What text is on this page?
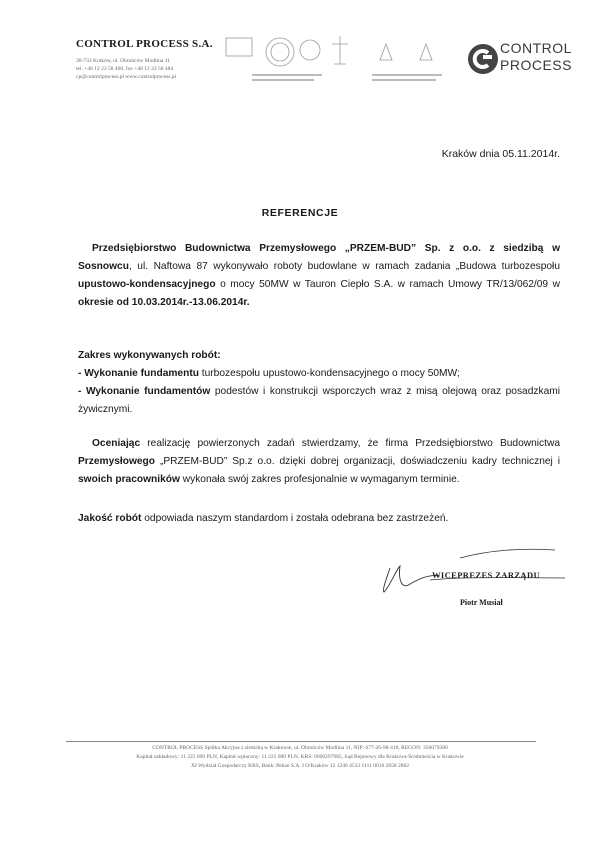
CONTROL PROCESS S.A.
30-733 Kraków, ul. Obrońców Modlina 11
tel. +48 12 23 58 400, fax +48 12 23 58 484
cp@controlprocess.pl www.controlprocess.pl
CONTROL
PROCESS
Kraków dnia 05.11.2014r.
REFERENCJE
Przedsiębiorstwo Budownictwa Przemysłowego „PRZEM-BUD” Sp. z o.o. z siedzibą w Sosnowcu, ul. Naftowa 87 wykonywało roboty budowlane w ramach zadania „Budowa turbozespołu upustowo-kondensacyjnego o mocy 50MW w Tauron Ciepło S.A. w ramach Umowy TR/13/062/09 w okresie od 10.03.2014r.-13.06.2014r.
Zakres wykonywanych robót:
- Wykonanie fundamentu turbozespołu upustowo-kondensacyjnego o mocy 50MW;
- Wykonanie fundamentów podestów i konstrukcji wsporczych wraz z misą olejową oraz posadzkami żywicznymi.
Oceniając realizację powierzonych zadań stwierdzamy, że firma Przedsiębiorstwo Budownictwa Przemysłowego „PRZEM-BUD” Sp.z o.o. dzięki dobrej organizacji, doświadczeniu kadry technicznej i swoich pracowników wykonała swój zakres profesjonalnie w wymaganym terminie.
Jakość robót odpowiada naszym standardom i została odebrana bez zastrzeżeń.
WICEPREZES ZARZĄDU
Piotr Musiał
CONTROL PROCESS Spółka Akcyjna z siedzibą w Krakowie, ul. Obrońców Modlina 11, NIP: 677-26-98-418, REGON: 356079380
Kapitał zakładowy: 11 225 000 PLN, Kapitał wpłacony: 11 225 000 PLN, KRS: 0000297985, Sąd Rejonowy dla Krakowa-Śródmieścia w Krakowie
XI Wydział Gospodarczy KRS, Bank: Pekao S.A. I O/Kraków 12 1240 4533 1111 0010 2658 2882
